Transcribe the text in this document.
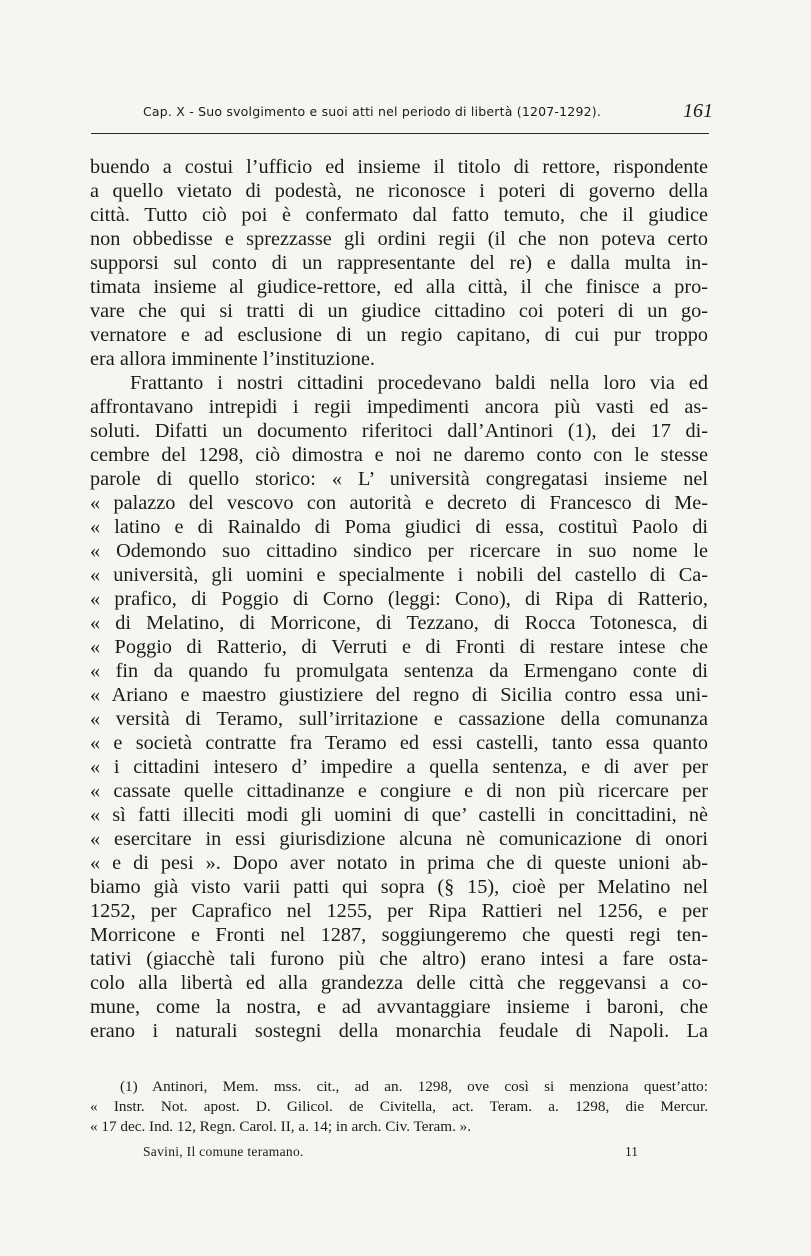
Cap. X - Suo svolgimento e suoi atti nel periodo di libertà (1207-1292).	161
buendo a costui l’ufficio ed insieme il titolo di rettore, rispondente
a quello vietato di podestà, ne riconosce i poteri di governo della
città. Tutto ciò poi è confermato dal fatto temuto, che il giudice
non obbedisse e sprezzasse gli ordini regii (il che non poteva certo
supporsi sul conto di un rappresentante del re) e dalla multa in-
timata insieme al giudice-rettore, ed alla città, il che finisce a pro-
vare che qui si tratti di un giudice cittadino coi poteri di un go-
vernatore e ad esclusione di un regio capitano, di cui pur troppo
era allora imminente l’instituzione.
Frattanto i nostri cittadini procedevano baldi nella loro via ed
affrontavano intrepidi i regii impedimenti ancora più vasti ed as-
soluti. Difatti un documento riferitoci dall’Antinori (1), dei 17 di-
cembre del 1298, ciò dimostra e noi ne daremo conto con le stesse
parole di quello storico: « L’ università congregatasi insieme nel
« palazzo del vescovo con autorità e decreto di Francesco di Me-
« latino e di Rainaldo di Poma giudici di essa, costituì Paolo di
« Odemondo suo cittadino sindico per ricercare in suo nome le
« università, gli uomini e specialmente i nobili del castello di Ca-
« prafico, di Poggio di Corno (leggi: Cono), di Ripa di Ratterio,
« di Melatino, di Morricone, di Tezzano, di Rocca Totonesca, di
« Poggio di Ratterio, di Verruti e di Fronti di restare intese che
« fin da quando fu promulgata sentenza da Ermengano conte di
« Ariano e maestro giustiziere del regno di Sicilia contro essa uni-
« versità di Teramo, sull’irritazione e cassazione della comunanza
« e società contratte fra Teramo ed essi castelli, tanto essa quanto
« i cittadini intesero d’ impedire a quella sentenza, e di aver per
« cassate quelle cittadinanze e congiure e di non più ricercare per
« sì fatti illeciti modi gli uomini di que’ castelli in concittadini, nè
« esercitare in essi giurisdizione alcuna nè comunicazione di onori
« e di pesi ». Dopo aver notato in prima che di queste unioni ab-
biamo già visto varii patti qui sopra (§ 15), cioè per Melatino nel
1252, per Caprafico nel 1255, per Ripa Rattieri nel 1256, e per
Morricone e Fronti nel 1287, soggiungeremo che questi regi ten-
tativi (giacchè tali furono più che altro) erano intesi a fare osta-
colo alla libertà ed alla grandezza delle città che reggevansi a co-
mune, come la nostra, e ad avvantaggiare insieme i baroni, che
erano i naturali sostegni della monarchia feudale di Napoli. La
(1) Antinori, Mem. mss. cit., ad an. 1298, ove così si menziona quest’atto:
« Instr. Not. apost. D. Gilicol. de Civitella, act. Teram. a. 1298, die Mercur.
« 17 dec. Ind. 12, Regn. Carol. II, a. 14; in arch. Civ. Teram. ».
Savini, Il comune teramano.	11
